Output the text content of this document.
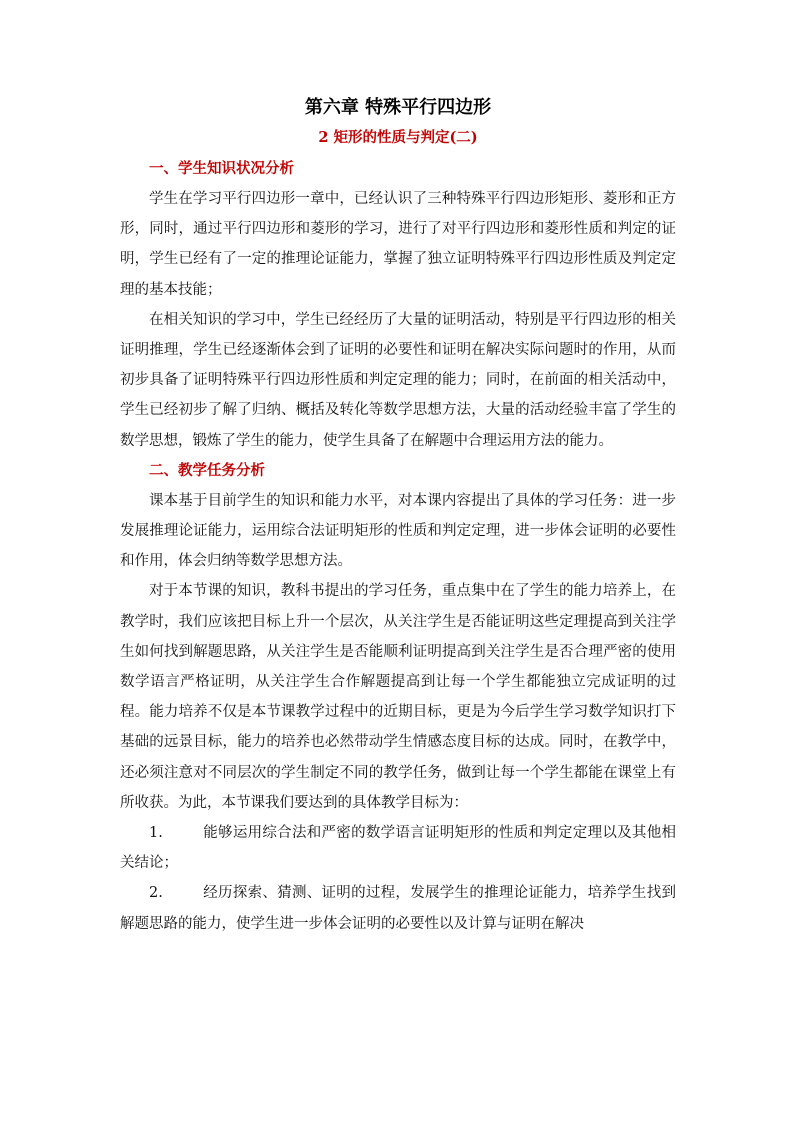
第六章 特殊平行四边形
2 矩形的性质与判定(二)
一、学生知识状况分析

学生在学习平行四边形一章中，已经认识了三种特殊平行四边形矩形、菱形和正方形，同时，通过平行四边形和菱形的学习，进行了对平行四边形和菱形性质和判定的证明，学生已经有了一定的推理论证能力，掌握了独立证明特殊平行四边形性质及判定定理的基本技能；

在相关知识的学习中，学生已经经历了大量的证明活动，特别是平行四边形的相关证明推理，学生已经逐渐体会到了证明的必要性和证明在解决实际问题时的作用，从而初步具备了证明特殊平行四边形性质和判定定理的能力；同时，在前面的相关活动中，学生已经初步了解了归纳、概括及转化等数学思想方法，大量的活动经验丰富了学生的数学思想，锻炼了学生的能力，使学生具备了在解题中合理运用方法的能力。

二、教学任务分析

课本基于目前学生的知识和能力水平，对本课内容提出了具体的学习任务：进一步发展推理论证能力，运用综合法证明矩形的性质和判定定理，进一步体会证明的必要性和作用，体会归纳等数学思想方法。

对于本节课的知识，教科书提出的学习任务，重点集中在了学生的能力培养上，在教学时，我们应该把目标上升一个层次，从关注学生是否能证明这些定理提高到关注学生如何找到解题思路，从关注学生是否能顺利证明提高到关注学生是否合理严密的使用数学语言严格证明，从关注学生合作解题提高到让每一个学生都能独立完成证明的过程。能力培养不仅是本节课教学过程中的近期目标，更是为今后学生学习数学知识打下基础的远景目标，能力的培养也必然带动学生情感态度目标的达成。同时，在教学中，还必须注意对不同层次的学生制定不同的教学任务，做到让每一个学生都能在课堂上有所收获。为此，本节课我们要达到的具体教学目标为：

1.	能够运用综合法和严密的数学语言证明矩形的性质和判定定理以及其他相关结论；

2.	经历探索、猜测、证明的过程，发展学生的推理论证能力，培养学生找到解题思路的能力，使学生进一步体会证明的必要性以及计算与证明在解决
